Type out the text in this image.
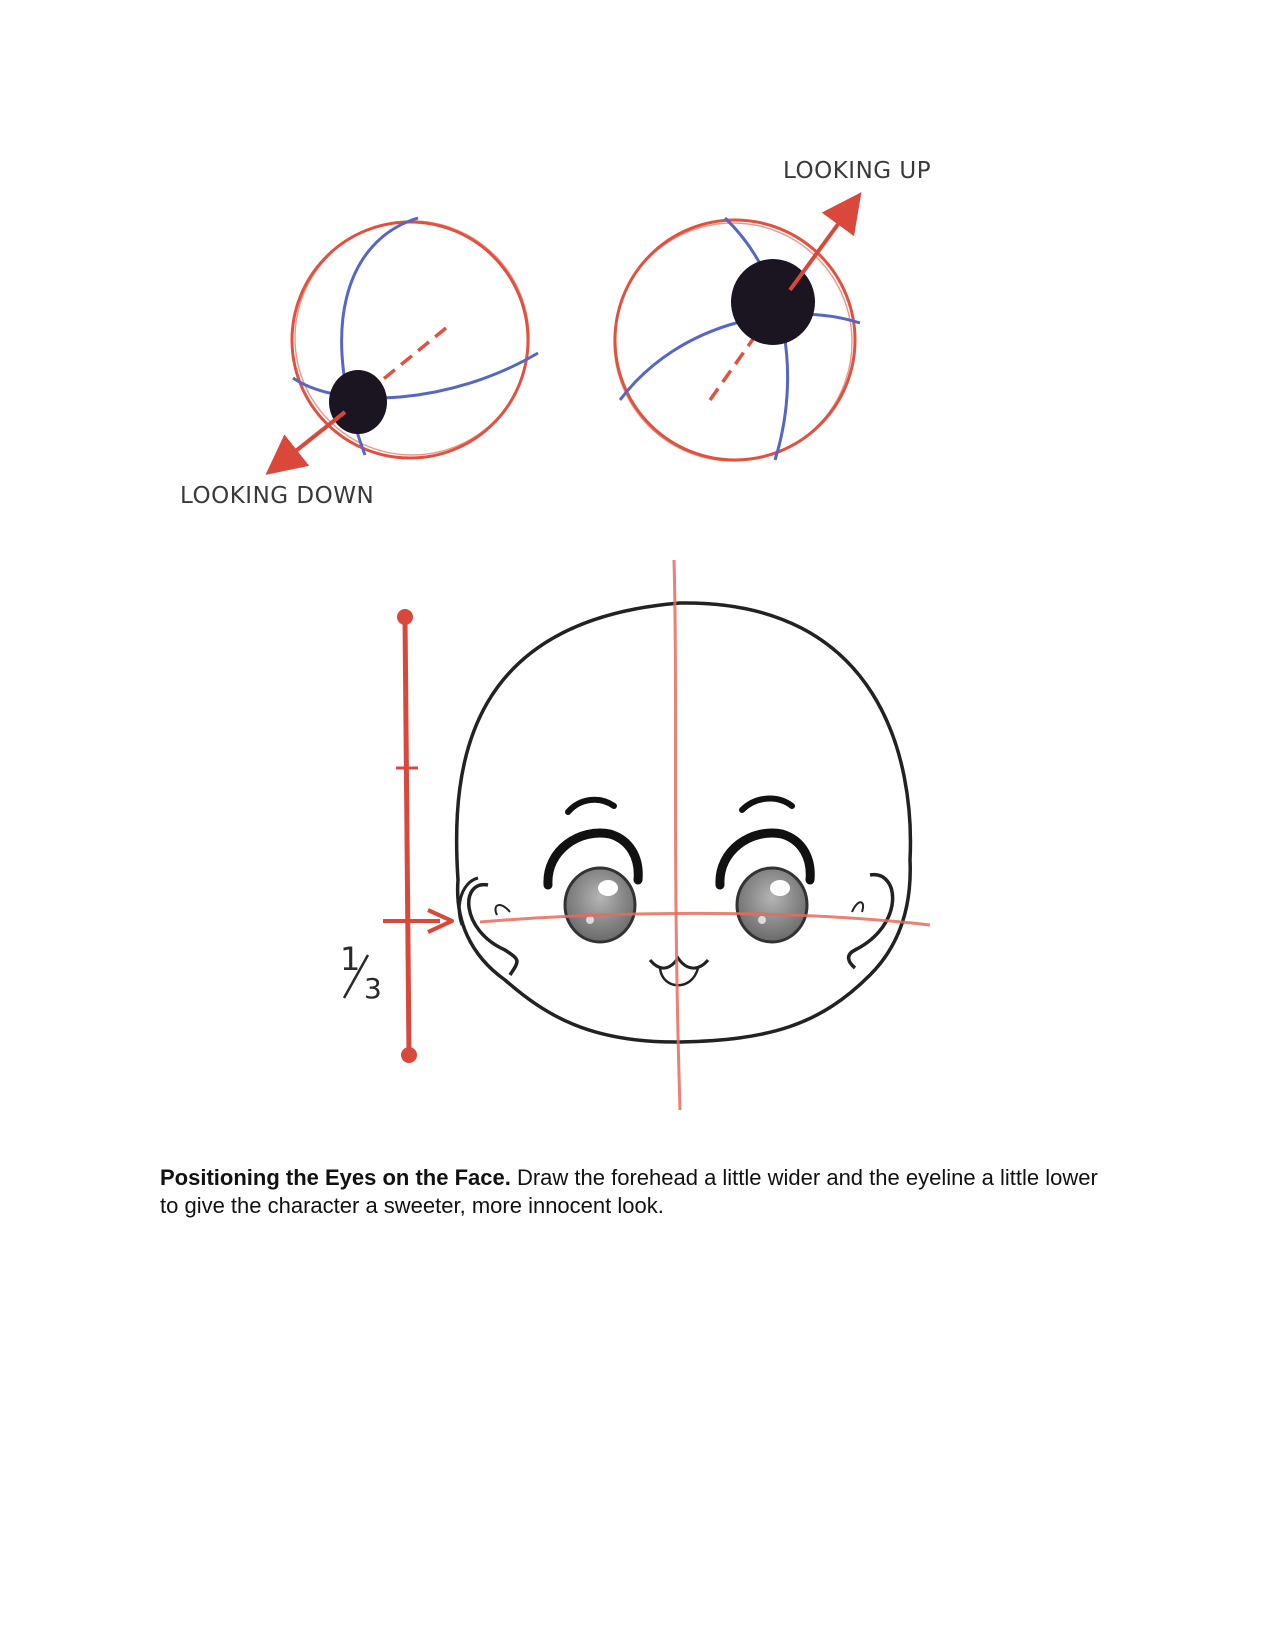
LOOKING UP
LOOKING DOWN
1
3

Positioning the Eyes on the Face. Draw the forehead a little wider and the eyeline a little lower to give the character a sweeter, more innocent look.
